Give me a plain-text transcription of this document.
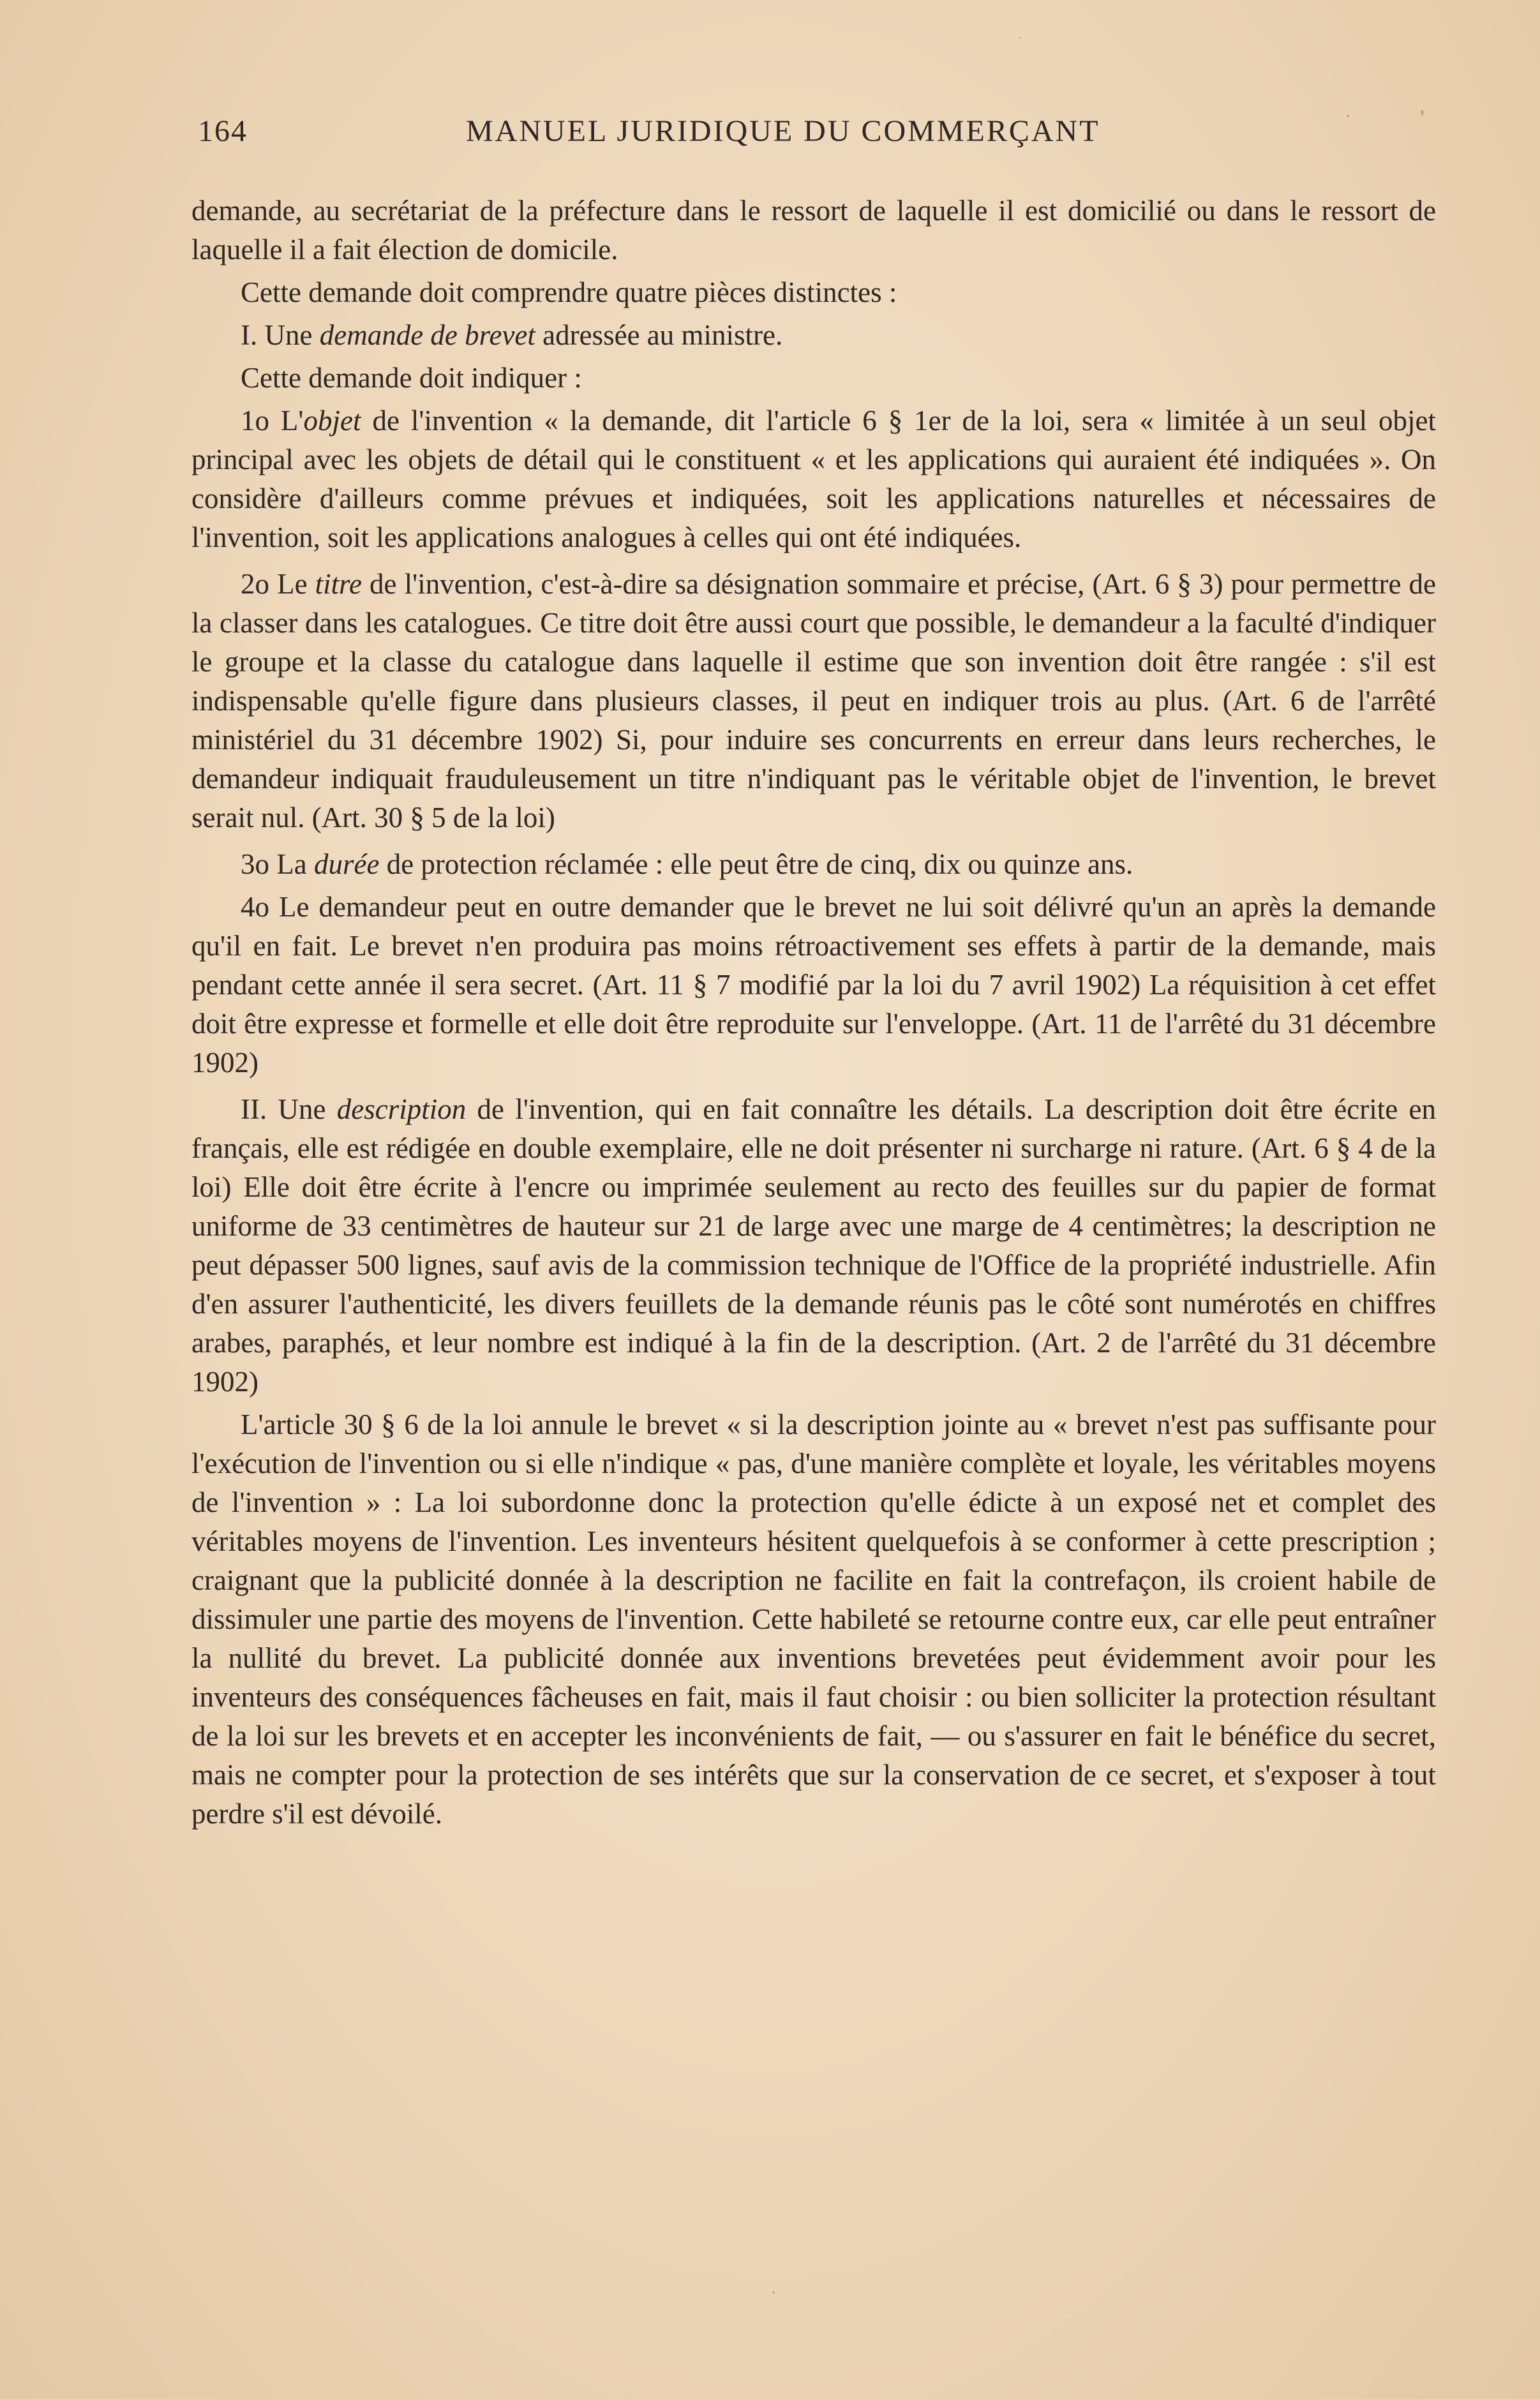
164	MANUEL JURIDIQUE DU COMMERÇANT

demande, au secrétariat de la préfecture dans le ressort de laquelle il est domicilié ou dans le ressort de laquelle il a fait élection de domicile.

Cette demande doit comprendre quatre pièces distinctes :

I. Une demande de brevet adressée au ministre.

Cette demande doit indiquer :

1o L'objet de l'invention « la demande, dit l'article 6 § 1er de la loi, sera « limitée à un seul objet principal avec les objets de détail qui le constituent « et les applications qui auraient été indiquées ». On considère d'ailleurs comme prévues et indiquées, soit les applications naturelles et nécessaires de l'invention, soit les applications analogues à celles qui ont été indiquées.

2o Le titre de l'invention, c'est-à-dire sa désignation sommaire et précise, (Art. 6 § 3) pour permettre de la classer dans les catalogues. Ce titre doit être aussi court que possible, le demandeur a la faculté d'indiquer le groupe et la classe du catalogue dans laquelle il estime que son invention doit être rangée : s'il est indispensable qu'elle figure dans plusieurs classes, il peut en indiquer trois au plus. (Art. 6 de l'arrêté ministériel du 31 décembre 1902) Si, pour induire ses concurrents en erreur dans leurs recherches, le demandeur indiquait frauduleusement un titre n'indiquant pas le véritable objet de l'invention, le brevet serait nul. (Art. 30 § 5 de la loi)

3o La durée de protection réclamée : elle peut être de cinq, dix ou quinze ans.

4o Le demandeur peut en outre demander que le brevet ne lui soit délivré qu'un an après la demande qu'il en fait. Le brevet n'en produira pas moins rétroactivement ses effets à partir de la demande, mais pendant cette année il sera secret. (Art. 11 § 7 modifié par la loi du 7 avril 1902) La réquisition à cet effet doit être expresse et formelle et elle doit être reproduite sur l'enveloppe. (Art. 11 de l'arrêté du 31 décembre 1902)

II. Une description de l'invention, qui en fait connaître les détails. La description doit être écrite en français, elle est rédigée en double exemplaire, elle ne doit présenter ni surcharge ni rature. (Art. 6 § 4 de la loi) Elle doit être écrite à l'encre ou imprimée seulement au recto des feuilles sur du papier de format uniforme de 33 centimètres de hauteur sur 21 de large avec une marge de 4 centimètres; la description ne peut dépasser 500 lignes, sauf avis de la commission technique de l'Office de la propriété industrielle. Afin d'en assurer l'authenticité, les divers feuillets de la demande réunis pas le côté sont numérotés en chiffres arabes, paraphés, et leur nombre est indiqué à la fin de la description. (Art. 2 de l'arrêté du 31 décembre 1902)

L'article 30 § 6 de la loi annule le brevet « si la description jointe au « brevet n'est pas suffisante pour l'exécution de l'invention ou si elle n'indique « pas, d'une manière complète et loyale, les véritables moyens de l'invention » : La loi subordonne donc la protection qu'elle édicte à un exposé net et complet des véritables moyens de l'invention. Les inventeurs hésitent quelquefois à se conformer à cette prescription ; craignant que la publicité donnée à la description ne facilite en fait la contrefaçon, ils croient habile de dissimuler une partie des moyens de l'invention. Cette habileté se retourne contre eux, car elle peut entraîner la nullité du brevet. La publicité donnée aux inventions brevetées peut évidemment avoir pour les inventeurs des conséquences fâcheuses en fait, mais il faut choisir : ou bien solliciter la protection résultant de la loi sur les brevets et en accepter les inconvénients de fait, — ou s'assurer en fait le bénéfice du secret, mais ne compter pour la protection de ses intérêts que sur la conservation de ce secret, et s'exposer à tout perdre s'il est dévoilé.
